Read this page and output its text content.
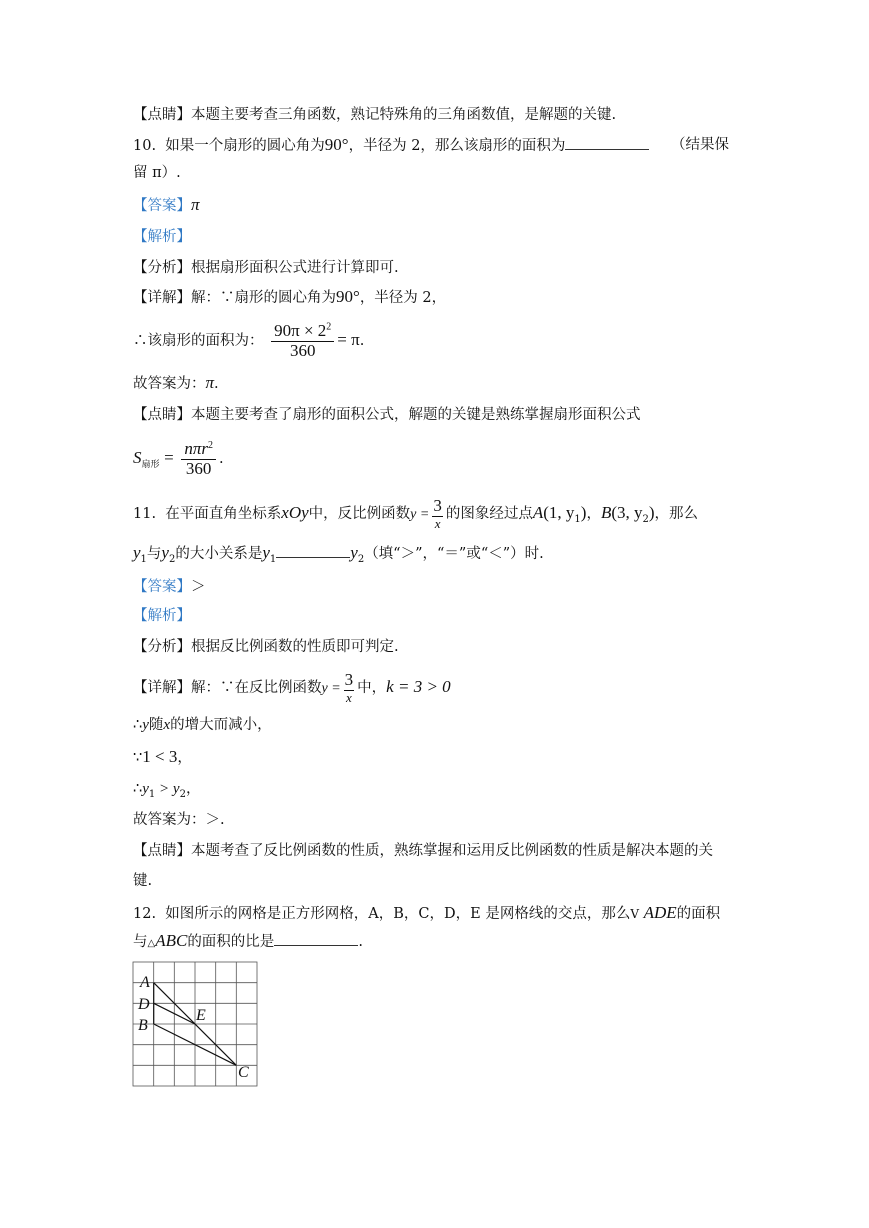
【点睛】本题主要考查三角函数，熟记特殊角的三角函数值，是解题的关键.
10. 如果一个扇形的圆心角为90°，半径为 2，那么该扇形的面积为	（结果保
留 π）.
【答案】π
【解析】
【分析】根据扇形面积公式进行计算即可.
【详解】解：∵扇形的圆心角为90°，半径为 2，
∴该扇形的面积为： $\frac{90\pi \times 2^2}{360} = \pi$.
故答案为：π.
【点睛】本题主要考查了扇形的面积公式，解题的关键是熟练掌握扇形面积公式
$S_{扇形} = \frac{n\pi r^2}{360}$ .
11. 在平面直角坐标系xOy中，反比例函数$y = \frac{3}{x}$ 的图象经过点A(1, $y_1$)，B(3, $y_2$)，那么
$y_1$与$y_2$的大小关系是$y_1$	$y_2$（填“＞”，“＝”或“＜”）时.
【答案】＞
【解析】
【分析】根据反比例函数的性质即可判定.
【详解】解：∵在反比例函数$y = \frac{3}{x}$ 中，k = 3 > 0
∴y随x的增大而减小，
∵1 < 3，
$\therefore y_1 > y_2$，
故答案为：＞.
【点睛】本题考查了反比例函数的性质，熟练掌握和运用反比例函数的性质是解决本题的关
键.
12. 如图所示的网格是正方形网格，A，B，C，D，E 是网格线的交点，那么V ADE的面积
与△ABC的面积的比是	.
A
D
B
E
C
